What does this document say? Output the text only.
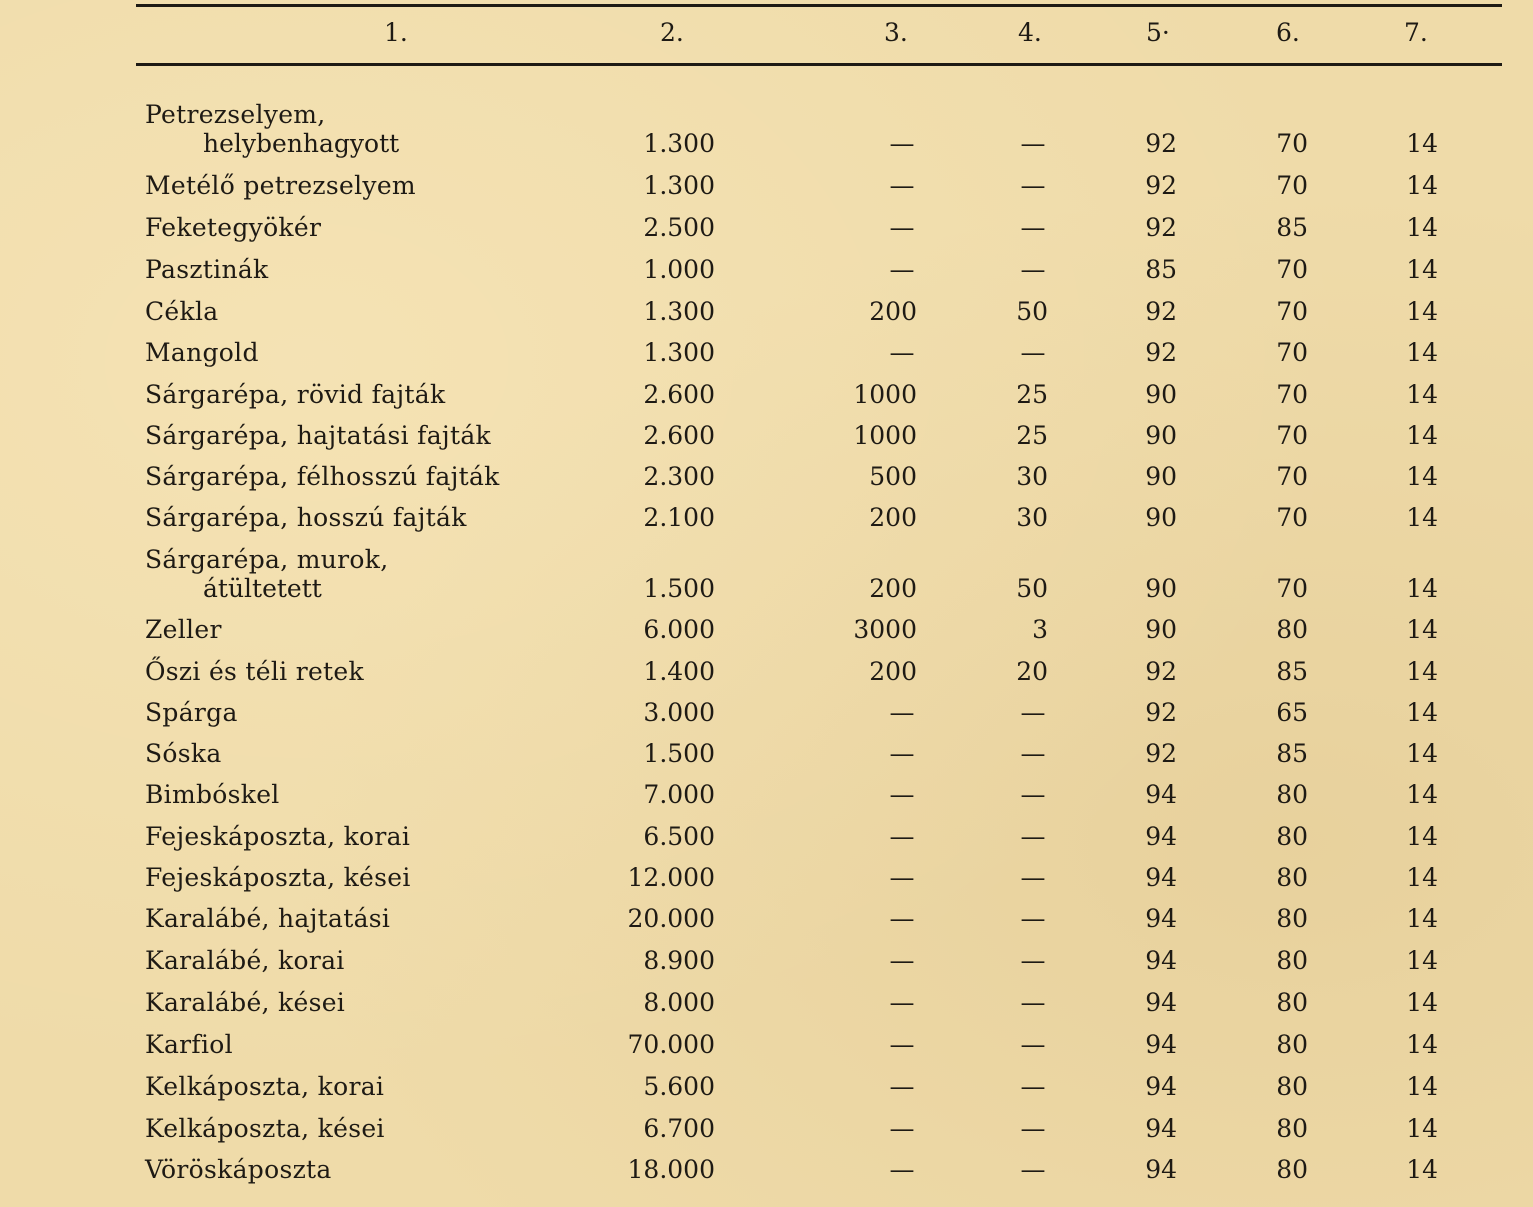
1.	2.	3.	4.	5·	6.	7.
Petrezselyem,
helybenhagyott	1.300	—	—	92	70	14
Metélő petrezselyem	1.300	—	—	92	70	14
Feketegyökér	2.500	—	—	92	85	14
Pasztinák	1.000	—	—	85	70	14
Cékla	1.300	200	50	92	70	14
Mangold	1.300	—	—	92	70	14
Sárgarépa, rövid fajták	2.600	1000	25	90	70	14
Sárgarépa, hajtatási fajták	2.600	1000	25	90	70	14
Sárgarépa, félhosszú fajták	2.300	500	30	90	70	14
Sárgarépa, hosszú fajták	2.100	200	30	90	70	14
Sárgarépa, murok,
átültetett	1.500	200	50	90	70	14
Zeller	6.000	3000	3	90	80	14
Őszi és téli retek	1.400	200	20	92	85	14
Spárga	3.000	—	—	92	65	14
Sóska	1.500	—	—	92	85	14
Bimbóskel	7.000	—	—	94	80	14
Fejeskáposzta, korai	6.500	—	—	94	80	14
Fejeskáposzta, kései	12.000	—	—	94	80	14
Karalábé, hajtatási	20.000	—	—	94	80	14
Karalábé, korai	8.900	—	—	94	80	14
Karalábé, kései	8.000	—	—	94	80	14
Karfiol	70.000	—	—	94	80	14
Kelkáposzta, korai	5.600	—	—	94	80	14
Kelkáposzta, kései	6.700	—	—	94	80	14
Vöröskáposzta	18.000	—	—	94	80	14
